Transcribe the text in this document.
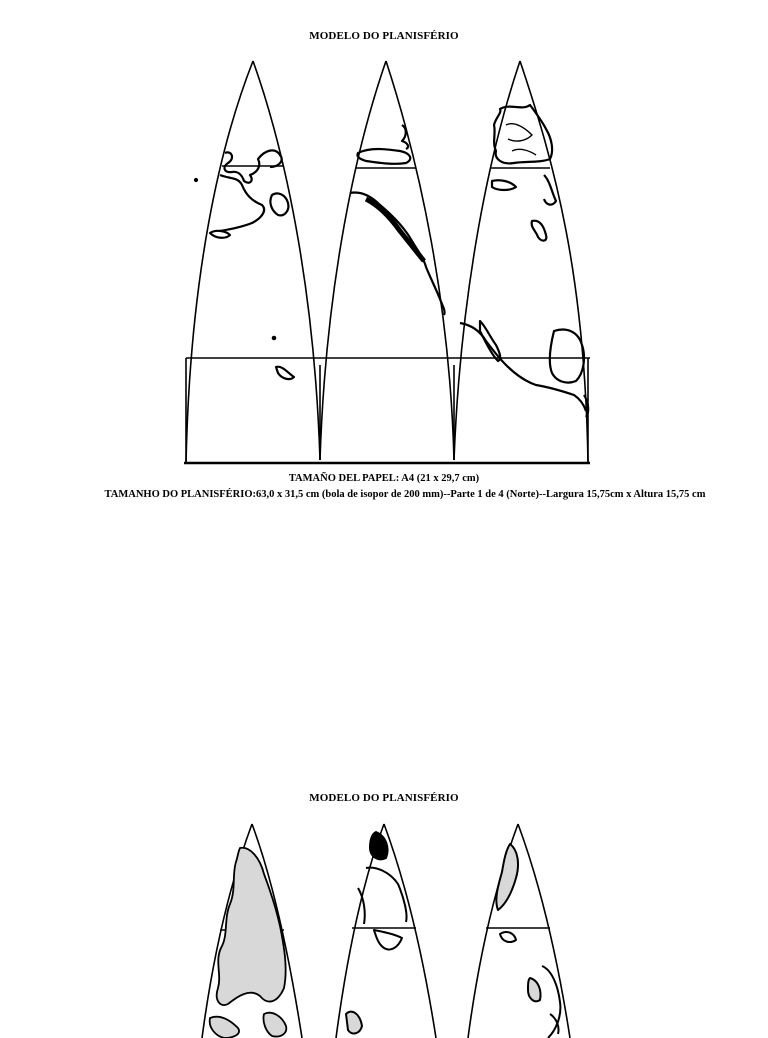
MODELO DO PLANISFÉRIO
TAMAÑO DEL PAPEL: A4 (21 x 29,7 cm)
TAMANHO DO PLANISFÉRIO:63,0 x 31,5 cm (bola de isopor de 200 mm)--Parte 1 de 4 (Norte)--Largura 15,75cm x Altura 15,75 cm
MODELO DO PLANISFÉRIO
